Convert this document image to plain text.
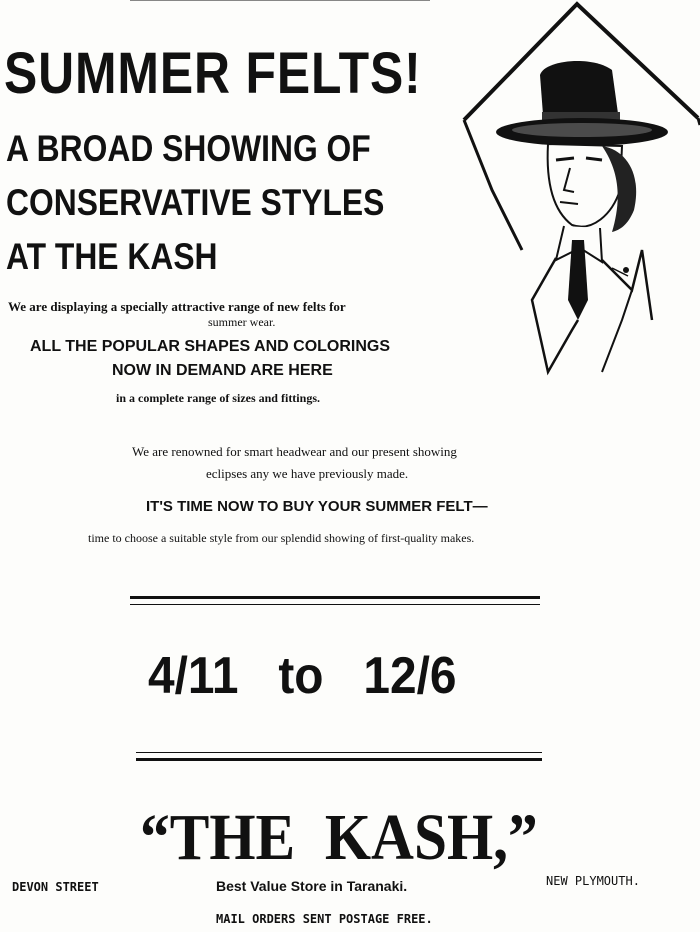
SUMMER FELTS!
A BROAD SHOWING OF
CONSERVATIVE STYLES
AT THE KASH
We are displaying a specially attractive range of new felts for
summer wear.
ALL THE POPULAR SHAPES AND COLORINGS
NOW IN DEMAND ARE HERE
in a complete range of sizes and fittings.
We are renowned for smart headwear and our present showing
eclipses any we have previously made.
IT'S TIME NOW TO BUY YOUR SUMMER FELT—
time to choose a suitable style from our splendid showing of first-quality makes.
4/11 to 12/6
“THE  KASH,”
DEVON STREET	Best Value Store in Taranaki.	NEW PLYMOUTH.
MAIL ORDERS SENT POSTAGE FREE.
